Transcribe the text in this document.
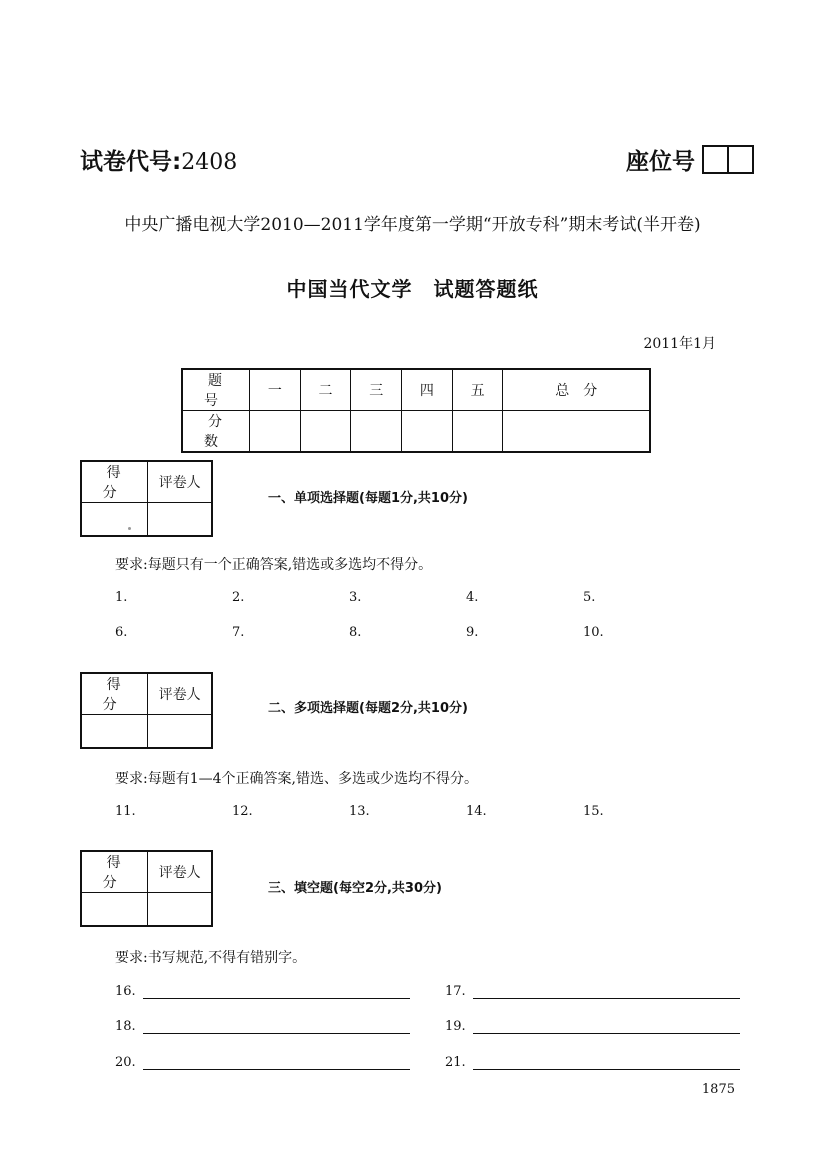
试卷代号:2408	座位号
中央广播电视大学2010—2011学年度第一学期“开放专科”期末考试(半开卷)
中国当代文学　试题答题纸
2011年1月
题　号	一	二	三	四	五	总　分
分　数						
得　分	评卷人

一、单项选择题(每题1分,共10分)
要求:每题只有一个正确答案,错选或多选均不得分。
1.	2.	3.	4.	5.
6.	7.	8.	9.	10.
得　分	评卷人

二、多项选择题(每题2分,共10分)
要求:每题有1—4个正确答案,错选、多选或少选均不得分。
11.	12.	13.	14.	15.
得　分	评卷人

三、填空题(每空2分,共30分)
要求:书写规范,不得有错别字。
16.	17.
18.	19.
20.	21.
1875
